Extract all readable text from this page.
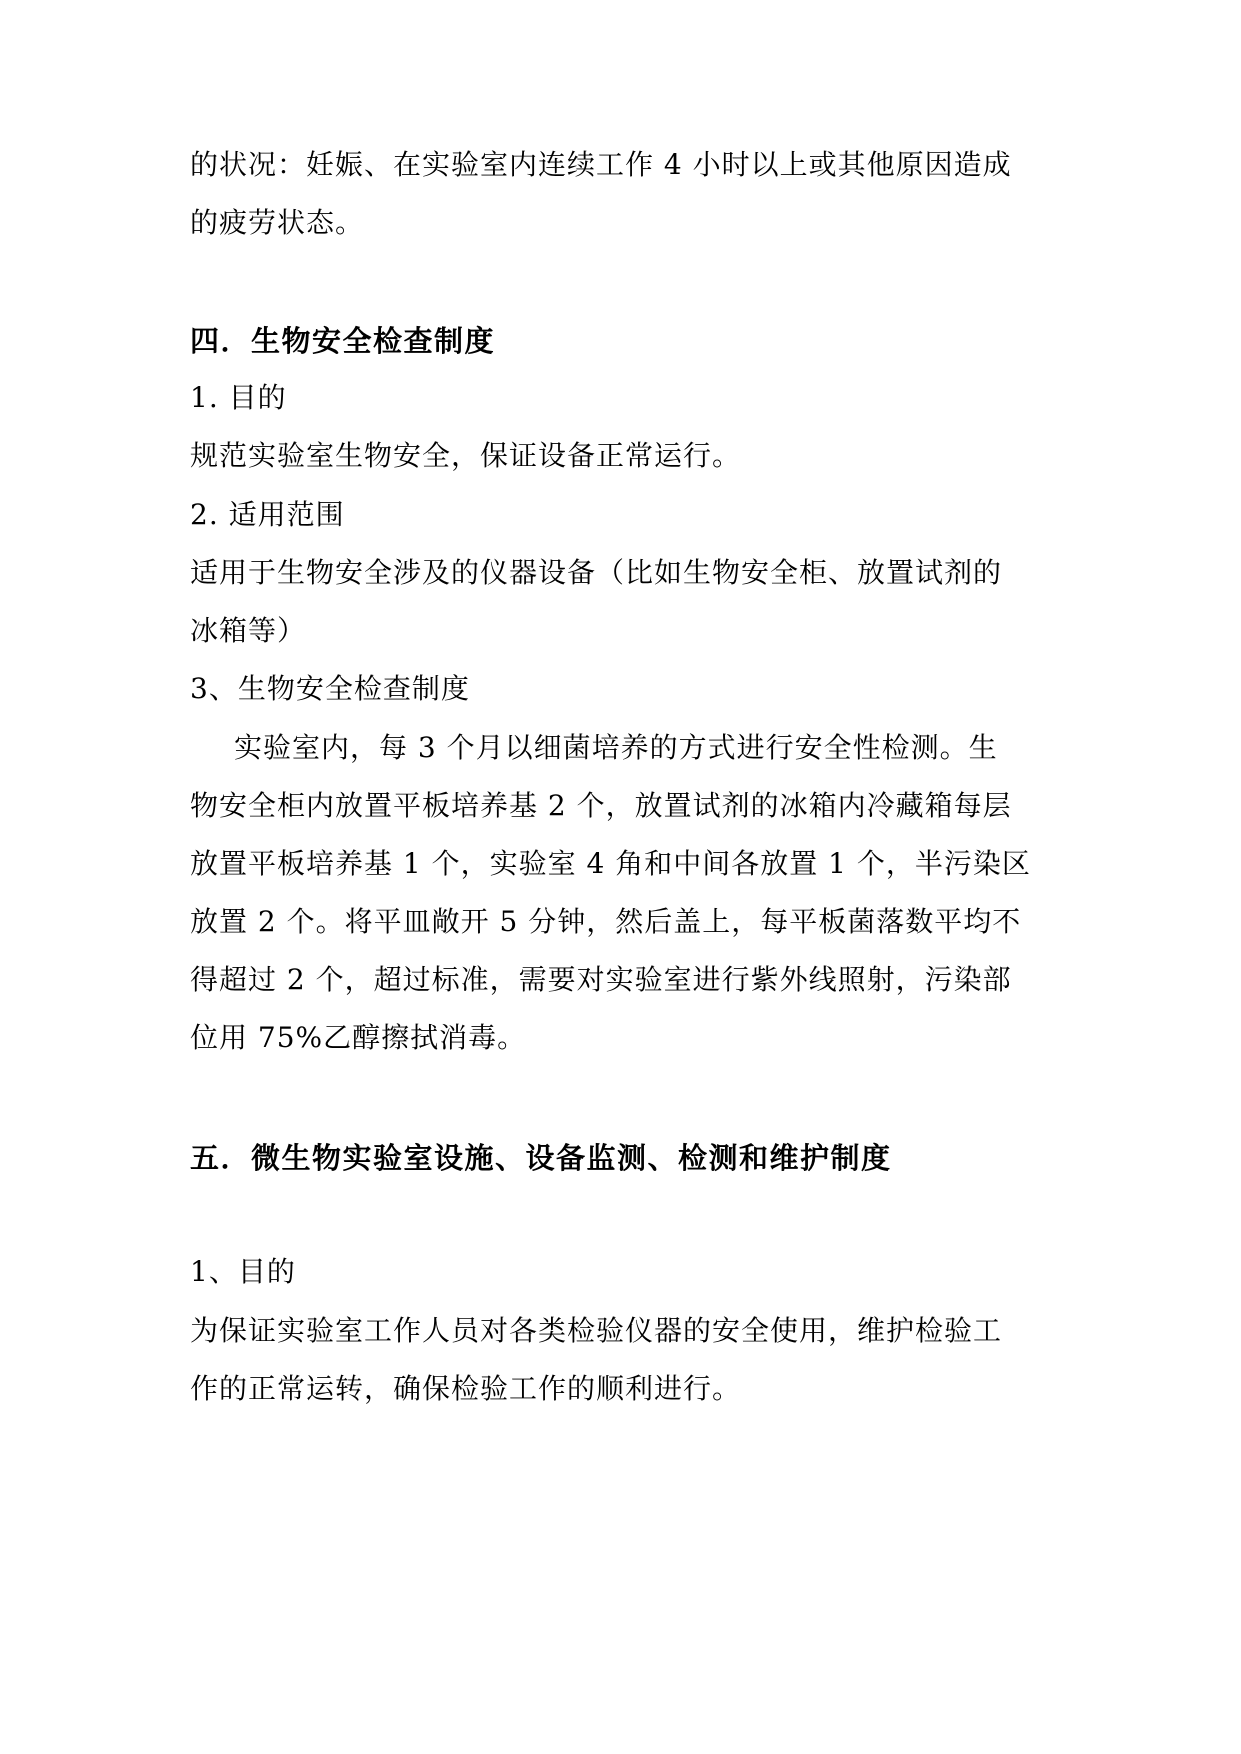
的状况：妊娠、在实验室内连续工作 4 小时以上或其他原因造成
的疲劳状态。
四．生物安全检查制度
1. 目的
规范实验室生物安全，保证设备正常运行。
2. 适用范围
适用于生物安全涉及的仪器设备（比如生物安全柜、放置试剂的
冰箱等）
3、生物安全检查制度
实验室内，每 3 个月以细菌培养的方式进行安全性检测。生
物安全柜内放置平板培养基 2 个，放置试剂的冰箱内冷藏箱每层
放置平板培养基 1 个，实验室 4 角和中间各放置 1 个，半污染区
放置 2 个。将平皿敞开 5 分钟，然后盖上，每平板菌落数平均不
得超过 2 个，超过标准，需要对实验室进行紫外线照射，污染部
位用 75%乙醇擦拭消毒。
五．微生物实验室设施、设备监测、检测和维护制度
1、目的
为保证实验室工作人员对各类检验仪器的安全使用，维护检验工
作的正常运转，确保检验工作的顺利进行。
